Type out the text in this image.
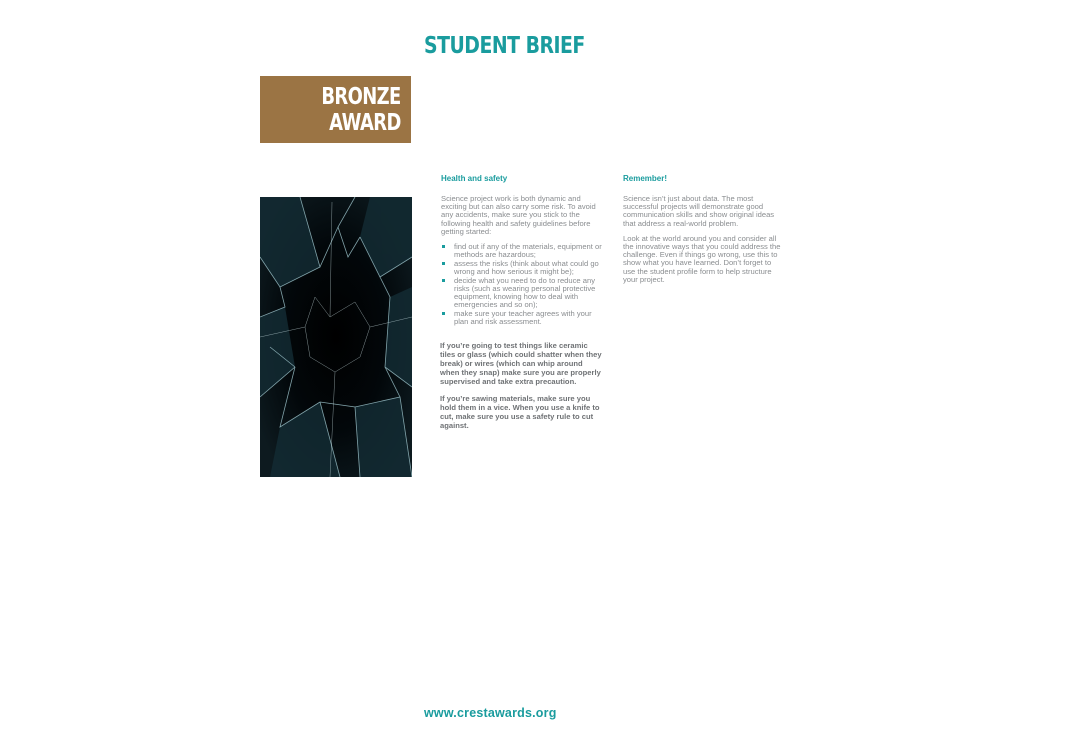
STUDENT BRIEF
BRONZE
AWARD
Health and safety

Science project work is both dynamic and exciting but can also carry some risk. To avoid any accidents, make sure you stick to the following health and safety guidelines before getting started:

find out if any of the materials, equipment or methods are hazardous;
assess the risks (think about what could go wrong and how serious it might be);
decide what you need to do to reduce any risks (such as wearing personal protective equipment, knowing how to deal with emergencies and so on);
make sure your teacher agrees with your plan and risk assessment.

If you’re going to test things like ceramic tiles or glass (which could shatter when they break) or wires (which can whip around when they snap) make sure you are properly supervised and take extra precaution.

If you’re sawing materials, make sure you hold them in a vice. When you use a knife to cut, make sure you use a safety rule to cut against.

Remember!

Science isn’t just about data. The most successful projects will demonstrate good communication skills and show original ideas that address a real-world problem.

Look at the world around you and consider all the innovative ways that you could address the challenge. Even if things go wrong, use this to show what you have learned. Don’t forget to use the student profile form to help structure your project.

www.crestawards.org
